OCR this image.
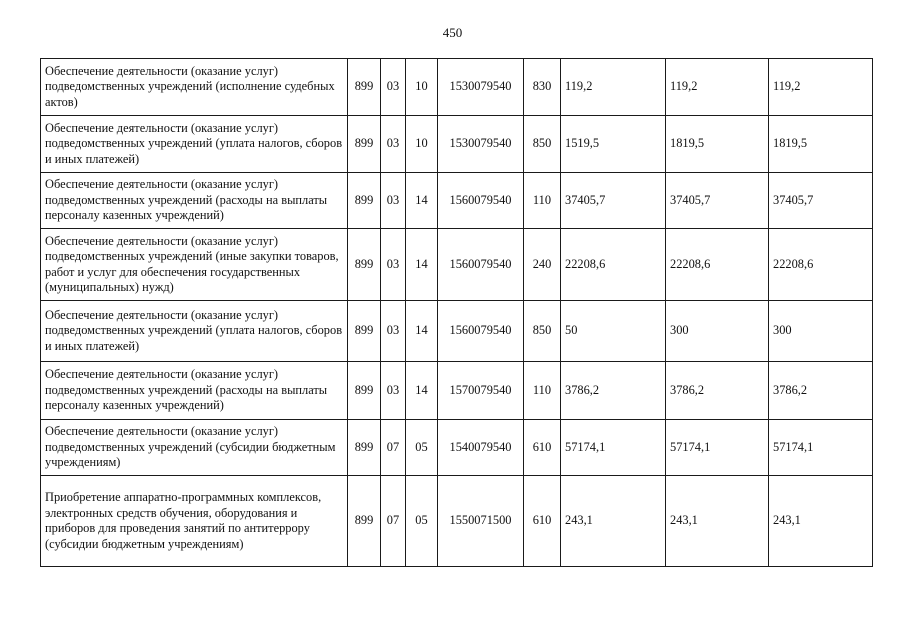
450
Обеспечение деятельности (оказание услуг) подведомственных учреждений (исполнение судебных актов)	899	03	10	1530079540	830	119,2	119,2	119,2
Обеспечение деятельности (оказание услуг) подведомственных учреждений (уплата налогов, сборов и иных платежей)	899	03	10	1530079540	850	1519,5	1819,5	1819,5
Обеспечение деятельности (оказание услуг) подведомственных учреждений (расходы на выплаты персоналу казенных учреждений)	899	03	14	1560079540	110	37405,7	37405,7	37405,7
Обеспечение деятельности (оказание услуг) подведомственных учреждений (иные закупки товаров, работ и услуг для обеспечения государственных (муниципальных) нужд)	899	03	14	1560079540	240	22208,6	22208,6	22208,6
Обеспечение деятельности (оказание услуг) подведомственных учреждений (уплата налогов, сборов и иных платежей)	899	03	14	1560079540	850	50	300	300
Обеспечение деятельности (оказание услуг) подведомственных учреждений (расходы на выплаты персоналу казенных учреждений)	899	03	14	1570079540	110	3786,2	3786,2	3786,2
Обеспечение деятельности (оказание услуг) подведомственных учреждений (субсидии бюджетным учреждениям)	899	07	05	1540079540	610	57174,1	57174,1	57174,1
Приобретение аппаратно-программных комплексов, электронных средств обучения, оборудования и приборов для проведения занятий по антитеррору (субсидии бюджетным учреждениям)	899	07	05	1550071500	610	243,1	243,1	243,1
